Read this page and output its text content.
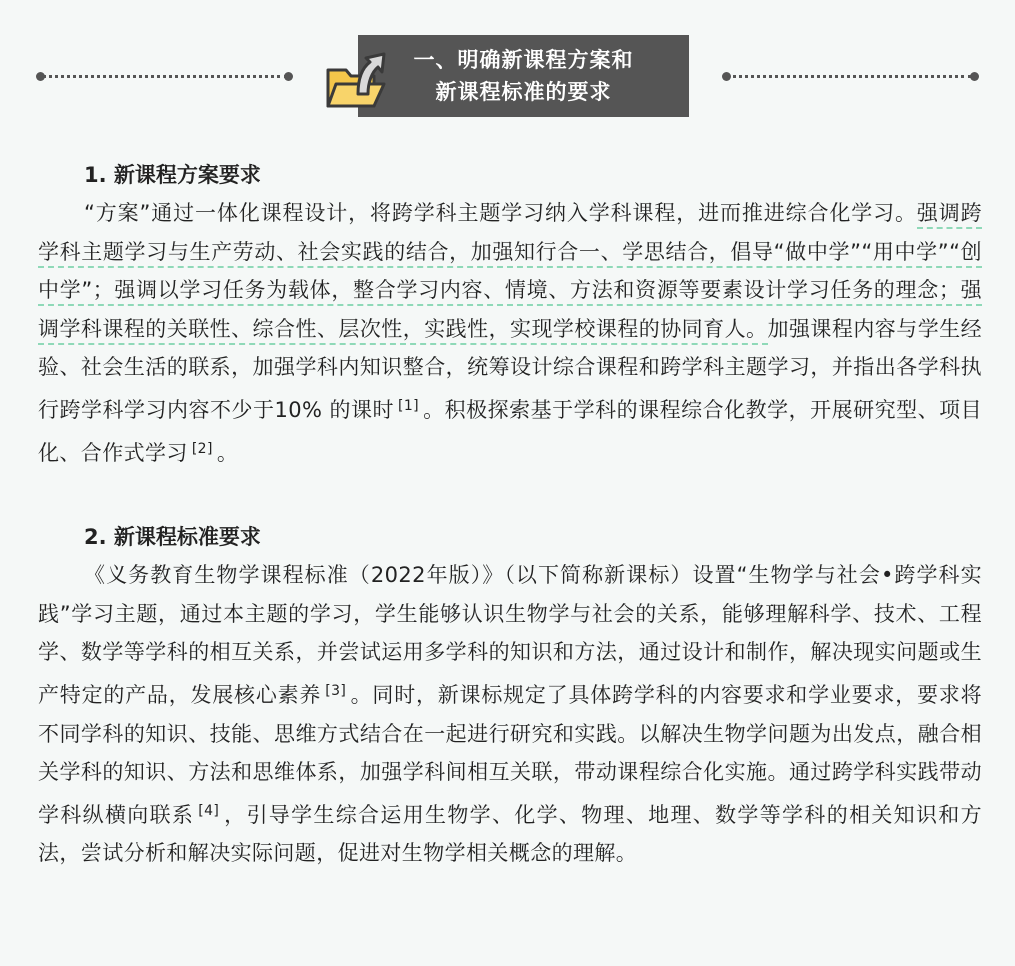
一、明确新课程方案和
新课程标准的要求
1. 新课程方案要求

“方案”通过一体化课程设计，将跨学科主题学习纳入学科课程，进而推进综合化学习。强调跨学科主题学习与生产劳动、社会实践的结合，加强知行合一、学思结合，倡导“做中学”“用中学”“创中学”；强调以学习任务为载体，整合学习内容、情境、方法和资源等要素设计学习任务的理念；强调学科课程的关联性、综合性、层次性，实践性，实现学校课程的协同育人。加强课程内容与学生经验、社会生活的联系，加强学科内知识整合，统筹设计综合课程和跨学科主题学习，并指出各学科执行跨学科学习内容不少于10% 的课时 [1] 。积极探索基于学科的课程综合化教学，开展研究型、项目化、合作式学习 [2] 。

2. 新课程标准要求

《义务教育生物学课程标准（2022年版）》（以下简称新课标）设置“生物学与社会•跨学科实践”学习主题，通过本主题的学习，学生能够认识生物学与社会的关系，能够理解科学、技术、工程学、数学等学科的相互关系，并尝试运用多学科的知识和方法，通过设计和制作，解决现实问题或生产特定的产品，发展核心素养 [3] 。同时，新课标规定了具体跨学科的内容要求和学业要求，要求将不同学科的知识、技能、思维方式结合在一起进行研究和实践。以解决生物学问题为出发点，融合相关学科的知识、方法和思维体系，加强学科间相互关联，带动课程综合化实施。通过跨学科实践带动学科纵横向联系 [4] ，引导学生综合运用生物学、化学、物理、地理、数学等学科的相关知识和方法，尝试分析和解决实际问题，促进对生物学相关概念的理解。
